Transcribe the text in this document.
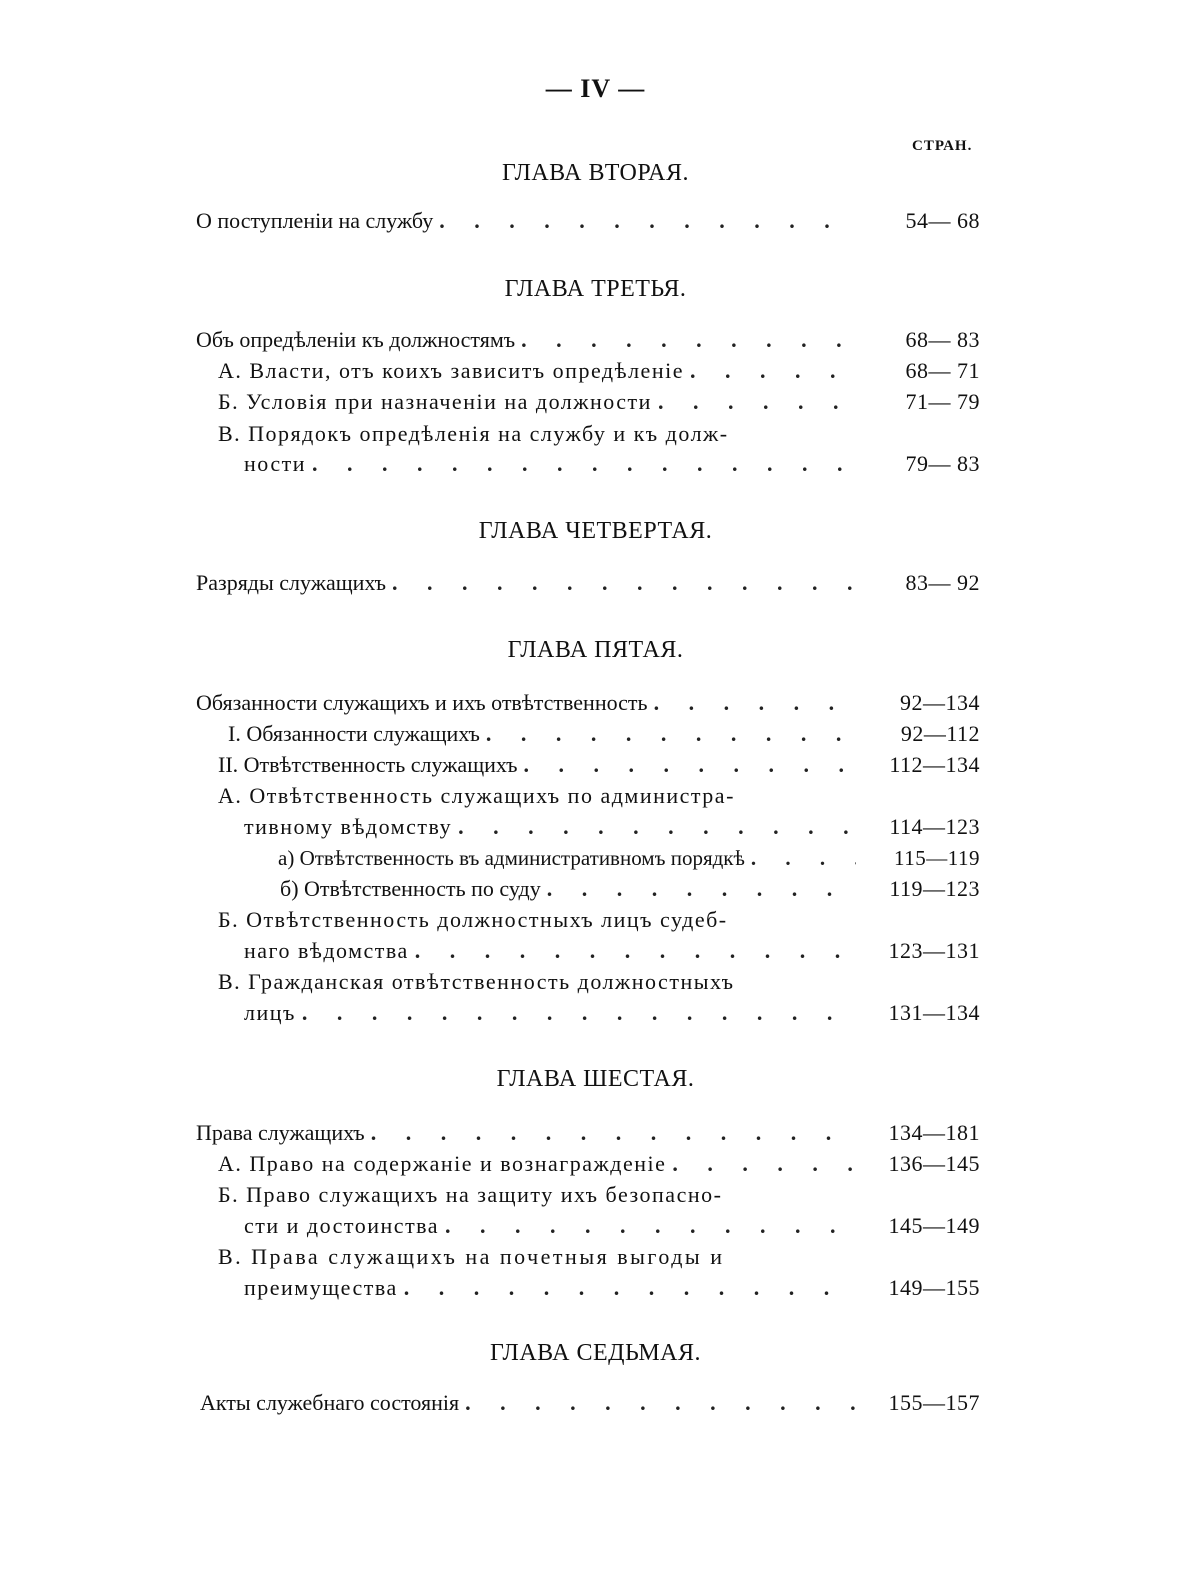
— IV —
СТРАН.
ГЛАВА ВТОРАЯ.
О поступленіи на службу . . .	54— 68
ГЛАВА ТРЕТЬЯ.
Объ опредѣленіи къ должностямъ . . .	68— 83
А. Власти, отъ коихъ зависитъ опредѣленіе . . .	68— 71
Б. Условія при назначеніи на должности . . .	71— 79
В. Порядокъ опредѣленія на службу и къ долж-
ности . . .	79— 83
ГЛАВА ЧЕТВЕРТАЯ.
Разряды служащихъ . . .	83— 92
ГЛАВА ПЯТАЯ.
Обязанности служащихъ и ихъ отвѣтственность . . .	92—134
I. Обязанности служащихъ . . .	92—112
II. Отвѣтственность служащихъ . . .	112—134
А. Отвѣтственность служащихъ по администра-
тивному вѣдомству . . .	114—123
а) Отвѣтственность въ административномъ порядкѣ . . .	115—119
б) Отвѣтственность по суду . . .	119—123
Б. Отвѣтственность должностныхъ лицъ судеб-
наго вѣдомства . . .	123—131
В. Гражданская отвѣтственность должностныхъ
лицъ . . .	131—134
ГЛАВА ШЕСТАЯ.
Права служащихъ . . .	134—181
А. Право на содержаніе и вознагражденіе . . .	136—145
Б. Право служащихъ на защиту ихъ безопасно-
сти и достоинства . . .	145—149
В. Права служащихъ на почетныя выгоды и
преимущества . . .	149—155
ГЛАВА СЕДЬМАЯ.
Акты служебнаго состоянія . . .	155—157
